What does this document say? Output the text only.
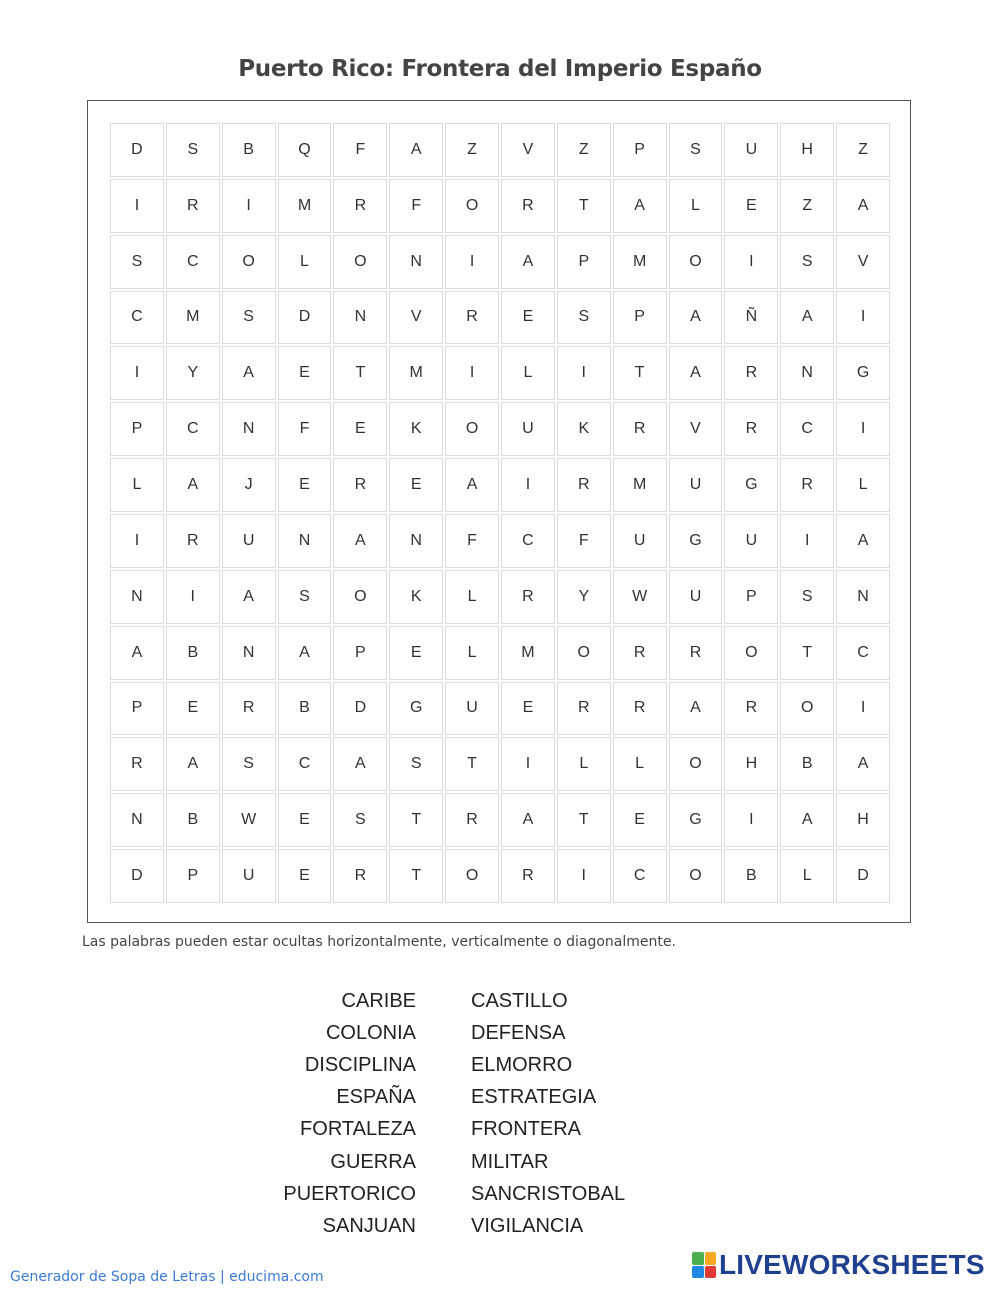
Puerto Rico: Frontera del Imperio Españo
D	S	B	Q	F	A	Z	V	Z	P	S	U	H	Z
I	R	I	M	R	F	O	R	T	A	L	E	Z	A
S	C	O	L	O	N	I	A	P	M	O	I	S	V
C	M	S	D	N	V	R	E	S	P	A	Ñ	A	I
I	Y	A	E	T	M	I	L	I	T	A	R	N	G
P	C	N	F	E	K	O	U	K	R	V	R	C	I
L	A	J	E	R	E	A	I	R	M	U	G	R	L
I	R	U	N	A	N	F	C	F	U	G	U	I	A
N	I	A	S	O	K	L	R	Y	W	U	P	S	N
A	B	N	A	P	E	L	M	O	R	R	O	T	C
P	E	R	B	D	G	U	E	R	R	A	R	O	I
R	A	S	C	A	S	T	I	L	L	O	H	B	A
N	B	W	E	S	T	R	A	T	E	G	I	A	H
D	P	U	E	R	T	O	R	I	C	O	B	L	D
Las palabras pueden estar ocultas horizontalmente, verticalmente o diagonalmente.
CARIBE	CASTILLO
COLONIA	DEFENSA
DISCIPLINA	ELMORRO
ESPAÑA	ESTRATEGIA
FORTALEZA	FRONTERA
GUERRA	MILITAR
PUERTORICO	SANCRISTOBAL
SANJUAN	VIGILANCIA
Generador de Sopa de Letras | educima.com	LIVEWORKSHEETS
